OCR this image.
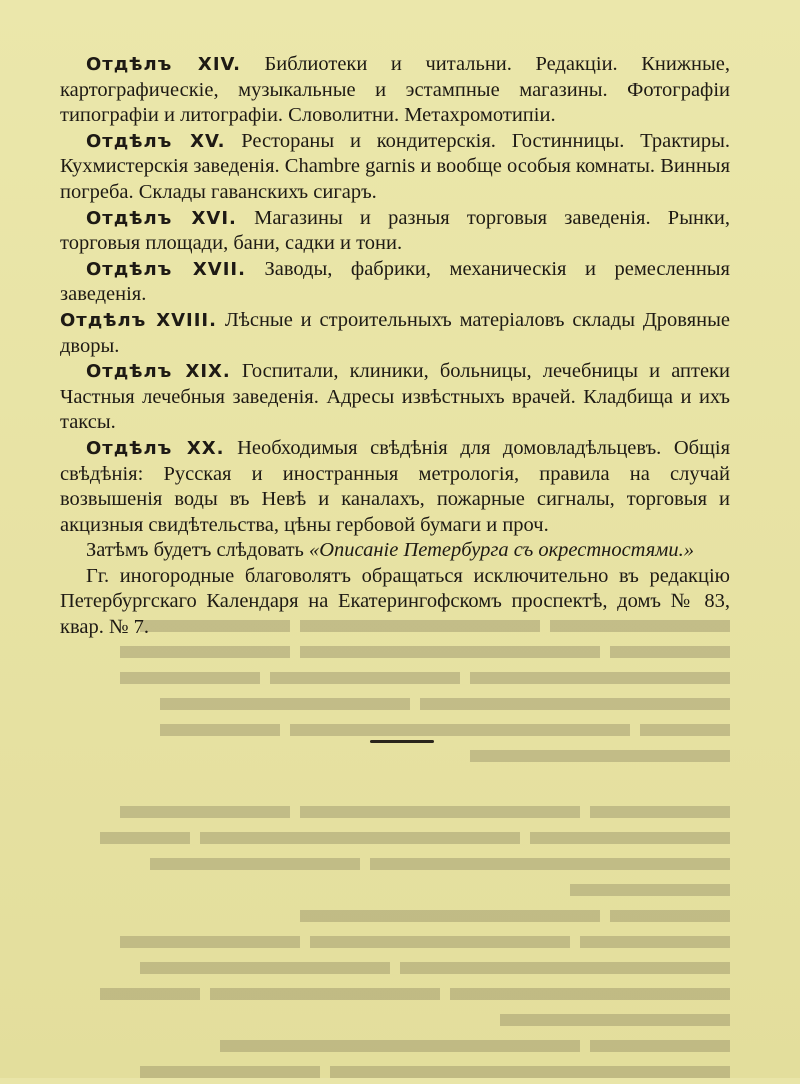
Отдѣлъ XIV. Библиотеки и читальни. Редакціи. Книжные, картографическіе, музыкальные и эстампные магазины. Фотографіи типографіи и литографіи. Словолитни. Метахромотипіи.

Отдѣлъ XV. Рестораны и кондитерскія. Гостинницы. Трактиры. Кухмистерскія заведенія. Chambre garnis и вообще особыя комнаты. Винныя погреба. Склады гаванскихъ сигаръ.

Отдѣлъ XVI. Магазины и разныя торговыя заведенія. Рынки, торговыя площади, бани, садки и тони.

Отдѣлъ XVII. Заводы, фабрики, механическія и ремесленныя заведенія.

Отдѣлъ XVIII. Лѣсные и строительныхъ матеріаловъ склады Дровяные дворы.

Отдѣлъ XIX. Госпитали, клиники, больницы, лечебницы и аптеки Частныя лечебныя заведенія. Адресы извѣстныхъ врачей. Кладбища и ихъ таксы.

Отдѣлъ XX. Необходимыя свѣдѣнія для домовладѣльцевъ. Общія свѣдѣнія: Русская и иностранныя метрологія, правила на случай возвышенія воды въ Невѣ и каналахъ, пожарные сигналы, торговыя и акцизныя свидѣтельства, цѣны гербовой бумаги и проч.

Затѣмъ будетъ слѣдовать «Описаніе Петербурга съ окрестностями.»

Гг. иногородные благоволятъ обращаться исключительно въ редакцію Петербургскаго Календаря на Екатерингофскомъ проспектѣ, домъ № 83, квар. № 7.
